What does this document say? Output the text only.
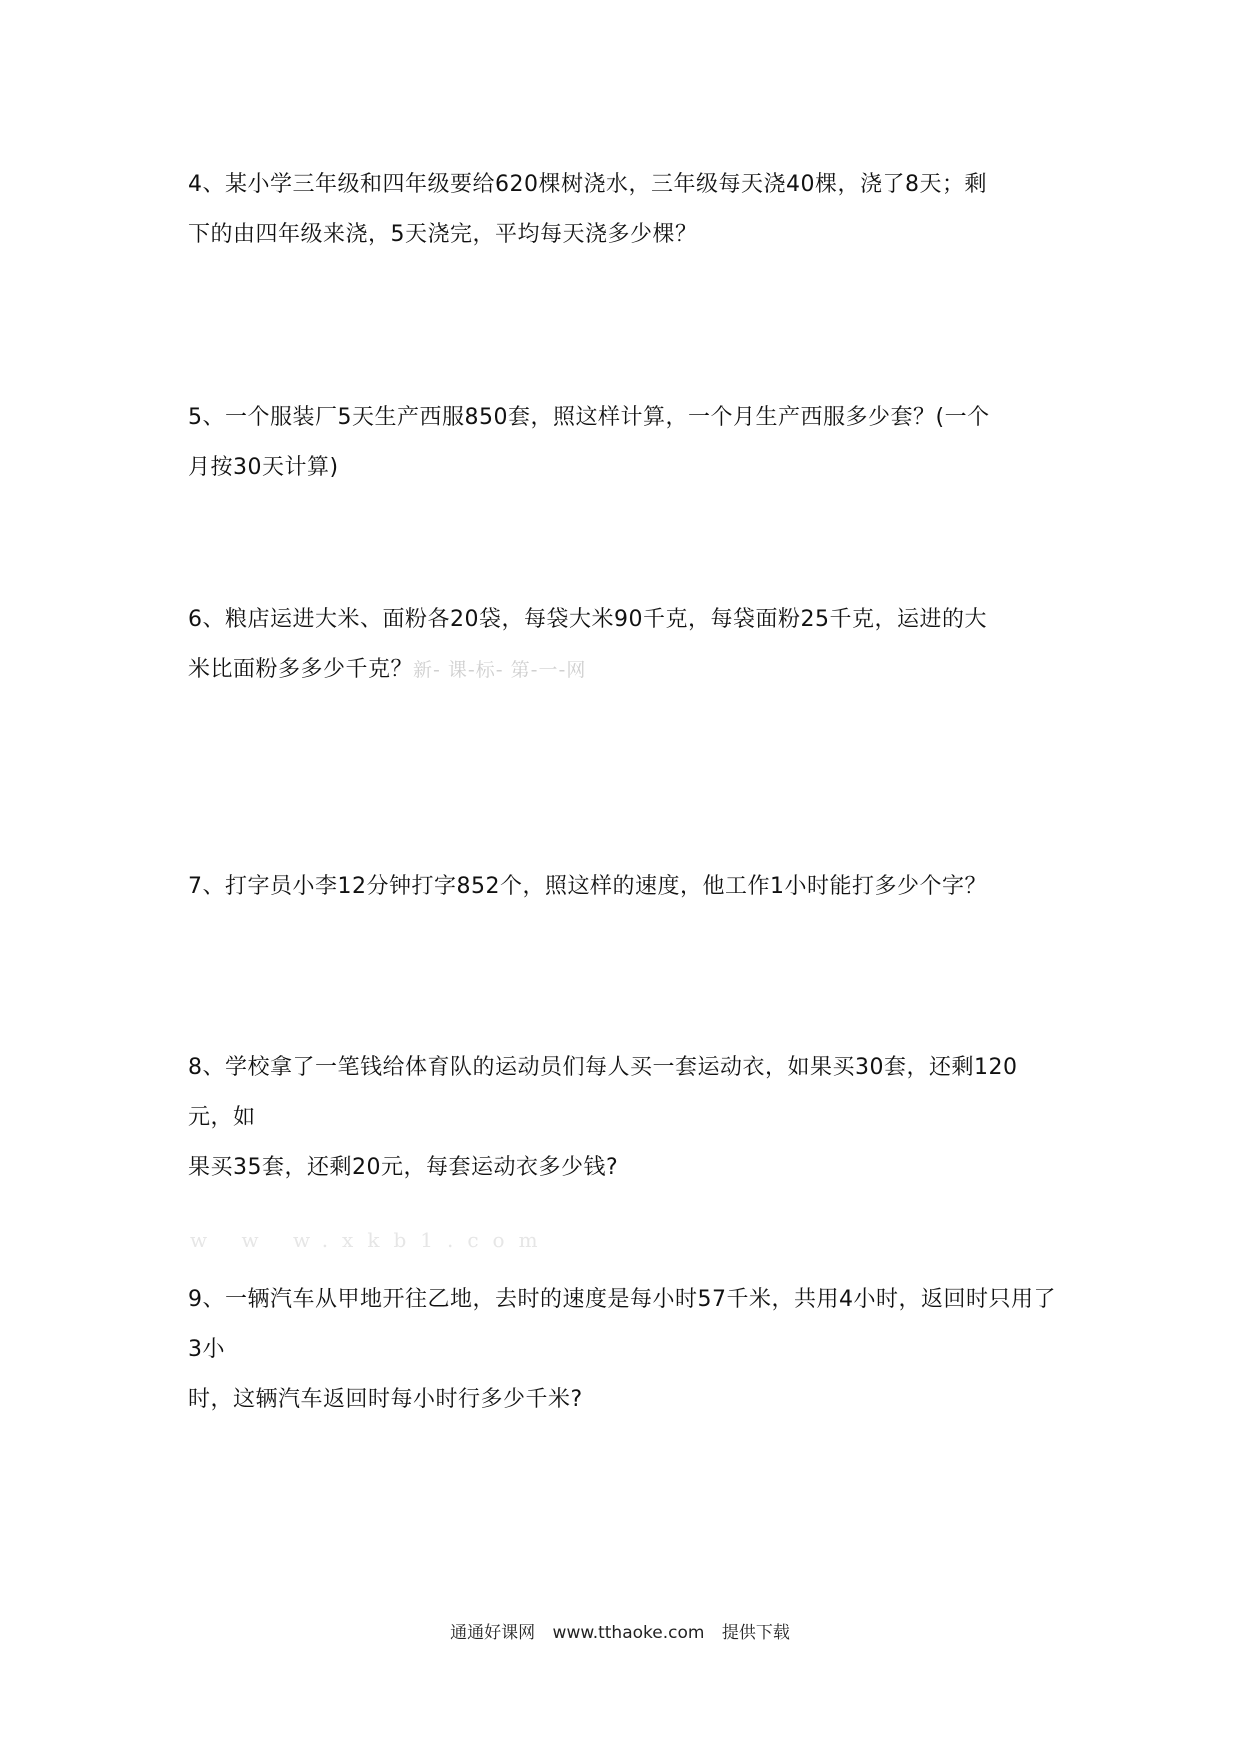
4、某小学三年级和四年级要给620棵树浇水，三年级每天浇40棵，浇了8天；剩

下的由四年级来浇，5天浇完，平均每天浇多少棵？

5、一个服装厂5天生产西服850套，照这样计算，一个月生产西服多少套？(一个

月按30天计算)

6、粮店运进大米、面粉各20袋，每袋大米90千克，每袋面粉25千克，运进的大

米比面粉多多少千克？新- 课-标- 第-一-网

7、打字员小李12分钟打字852个，照这样的速度，他工作1小时能打多少个字？

8、学校拿了一笔钱给体育队的运动员们每人买一套运动衣，如果买30套，还剩120元，如

果买35套，还剩20元，每套运动衣多少钱?

w w w.xkb1.com

9、一辆汽车从甲地开往乙地，去时的速度是每小时57千米，共用4小时，返回时只用了3小

时，这辆汽车返回时每小时行多少千米?

通通好课网 www.tthaoke.com 提供下载
